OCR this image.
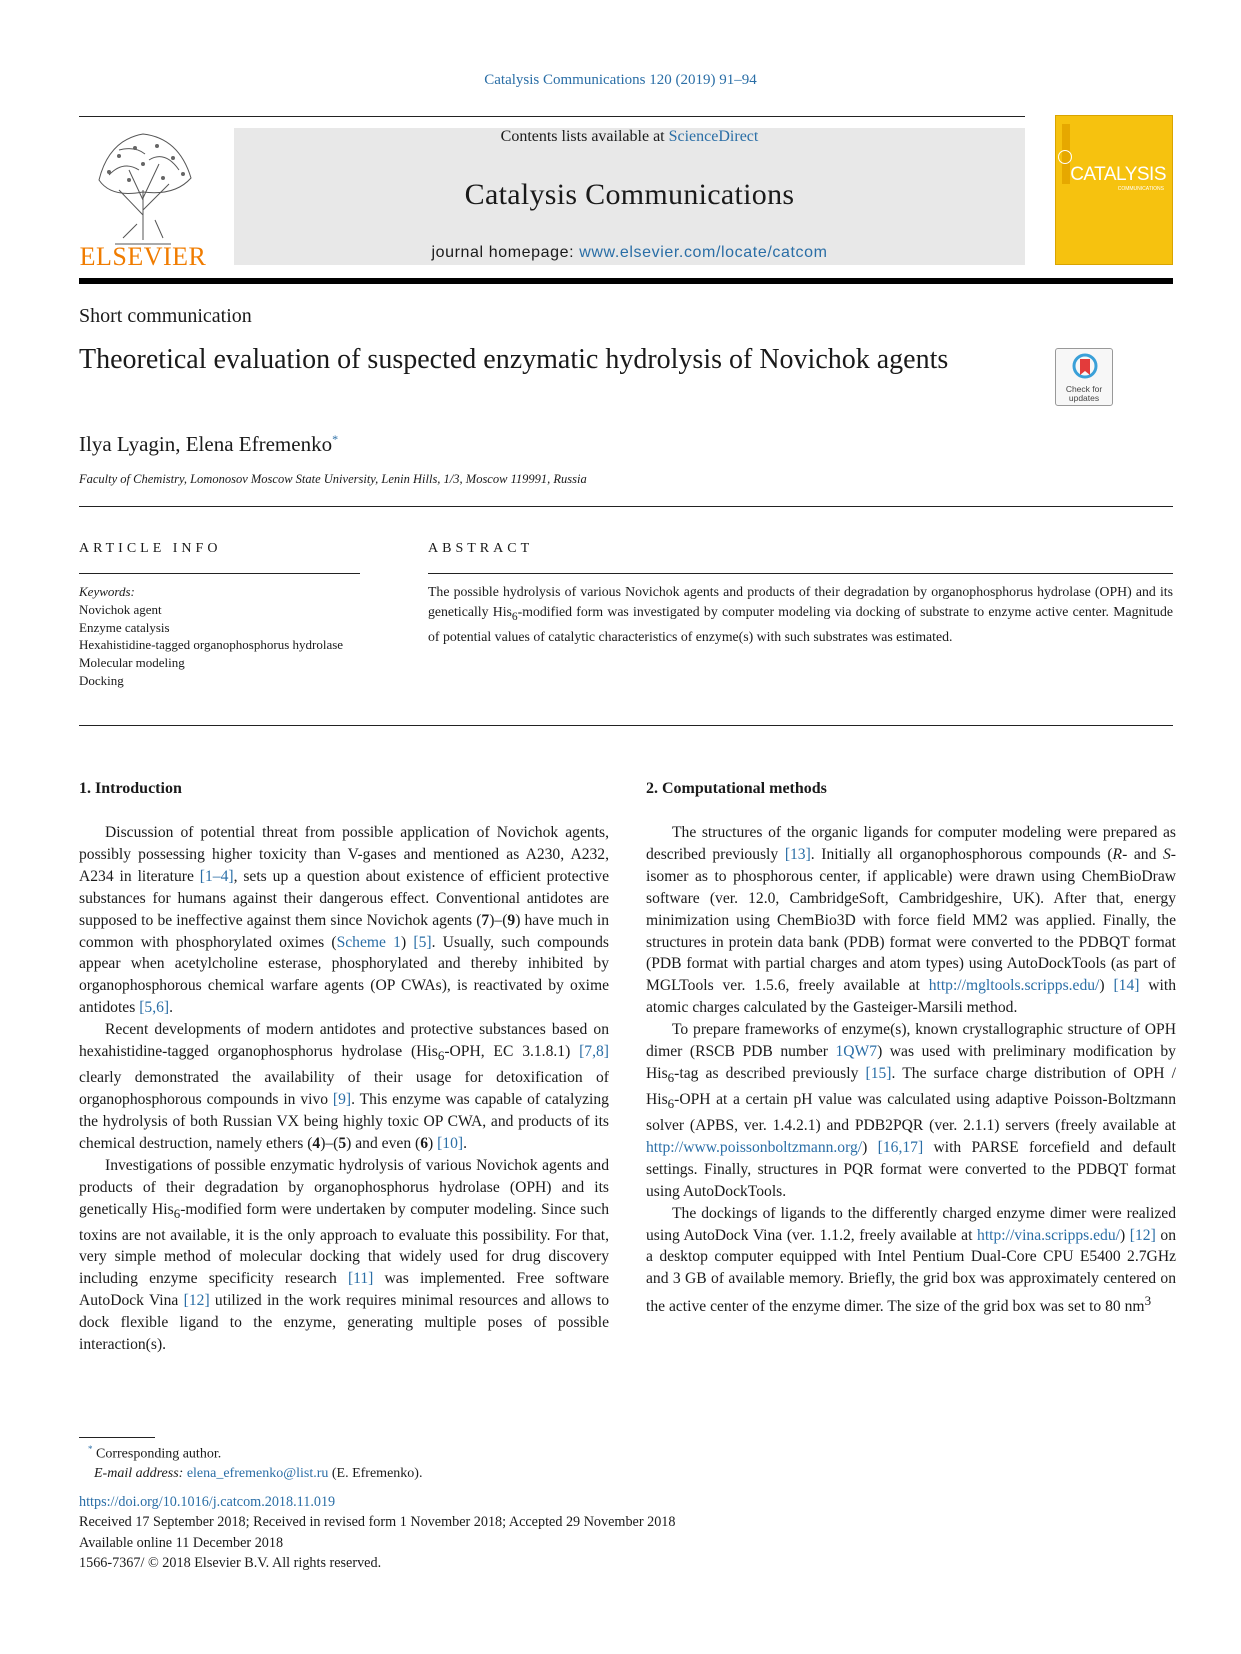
Catalysis Communications 120 (2019) 91–94
ELSEVIER
Contents lists available at ScienceDirect
Catalysis Communications
journal homepage: www.elsevier.com/locate/catcom
CATALYSIS
COMMUNICATIONS
Short communication
Theoretical evaluation of suspected enzymatic hydrolysis of Novichok agents
Check for updates
Ilya Lyagin, Elena Efremenko*
Faculty of Chemistry, Lomonosov Moscow State University, Lenin Hills, 1/3, Moscow 119991, Russia
ARTICLE INFO	ABSTRACT
Keywords:
Novichok agent
Enzyme catalysis
Hexahistidine-tagged organophosphorus hydrolase
Molecular modeling
Docking
The possible hydrolysis of various Novichok agents and products of their degradation by organophosphorus hydrolase (OPH) and its genetically His$_6$-modified form was investigated by computer modeling via docking of substrate to enzyme active center. Magnitude of potential values of catalytic characteristics of enzyme(s) with such substrates was estimated.
1. Introduction	2. Computational methods

Discussion of potential threat from possible application of Novichok agents, possibly possessing higher toxicity than V-gases and mentioned as A230, A232, A234 in literature [1–4], sets up a question about existence of efficient protective substances for humans against their dangerous effect. Conventional antidotes are supposed to be ineffective against them since Novichok agents (7)–(9) have much in common with phosphorylated oximes (Scheme 1) [5]. Usually, such compounds appear when acetylcholine esterase, phosphorylated and thereby inhibited by organophosphorous chemical warfare agents (OP CWAs), is reactivated by oxime antidotes [5,6].

Recent developments of modern antidotes and protective substances based on hexahistidine-tagged organophosphorus hydrolase (His$_6$-OPH, EC 3.1.8.1) [7,8] clearly demonstrated the availability of their usage for detoxification of organophosphorous compounds in vivo [9]. This enzyme was capable of catalyzing the hydrolysis of both Russian VX being highly toxic OP CWA, and products of its chemical destruction, namely ethers (4)–(5) and even (6) [10].

Investigations of possible enzymatic hydrolysis of various Novichok agents and products of their degradation by organophosphorus hydrolase (OPH) and its genetically His$_6$-modified form were undertaken by computer modeling. Since such toxins are not available, it is the only approach to evaluate this possibility. For that, very simple method of molecular docking that widely used for drug discovery including enzyme specificity research [11] was implemented. Free software AutoDock Vina [12] utilized in the work requires minimal resources and allows to dock flexible ligand to the enzyme, generating multiple poses of possible interaction(s).

The structures of the organic ligands for computer modeling were prepared as described previously [13]. Initially all organophosphorous compounds (R- and S-isomer as to phosphorous center, if applicable) were drawn using ChemBioDraw software (ver. 12.0, CambridgeSoft, Cambridgeshire, UK). After that, energy minimization using ChemBio3D with force field MM2 was applied. Finally, the structures in protein data bank (PDB) format were converted to the PDBQT format (PDB format with partial charges and atom types) using AutoDockTools (as part of MGLTools ver. 1.5.6, freely available at http://mgltools.scripps.edu/) [14] with atomic charges calculated by the Gasteiger-Marsili method.

To prepare frameworks of enzyme(s), known crystallographic structure of OPH dimer (RSCB PDB number 1QW7) was used with preliminary modification by His$_6$-tag as described previously [15]. The surface charge distribution of OPH / His$_6$-OPH at a certain pH value was calculated using adaptive Poisson-Boltzmann solver (APBS, ver. 1.4.2.1) and PDB2PQR (ver. 2.1.1) servers (freely available at http://www.poissonboltzmann.org/) [16,17] with PARSE forcefield and default settings. Finally, structures in PQR format were converted to the PDBQT format using AutoDockTools.

The dockings of ligands to the differently charged enzyme dimer were realized using AutoDock Vina (ver. 1.1.2, freely available at http://vina.scripps.edu/) [12] on a desktop computer equipped with Intel Pentium Dual-Core CPU E5400 2.7GHz and 3 GB of available memory. Briefly, the grid box was approximately centered on the active center of the enzyme dimer. The size of the grid box was set to 80 $nm^3$

* Corresponding author.
E-mail address: elena_efremenko@list.ru (E. Efremenko).
https://doi.org/10.1016/j.catcom.2018.11.019
Received 17 September 2018; Received in revised form 1 November 2018; Accepted 29 November 2018
Available online 11 December 2018
1566-7367/ © 2018 Elsevier B.V. All rights reserved.
